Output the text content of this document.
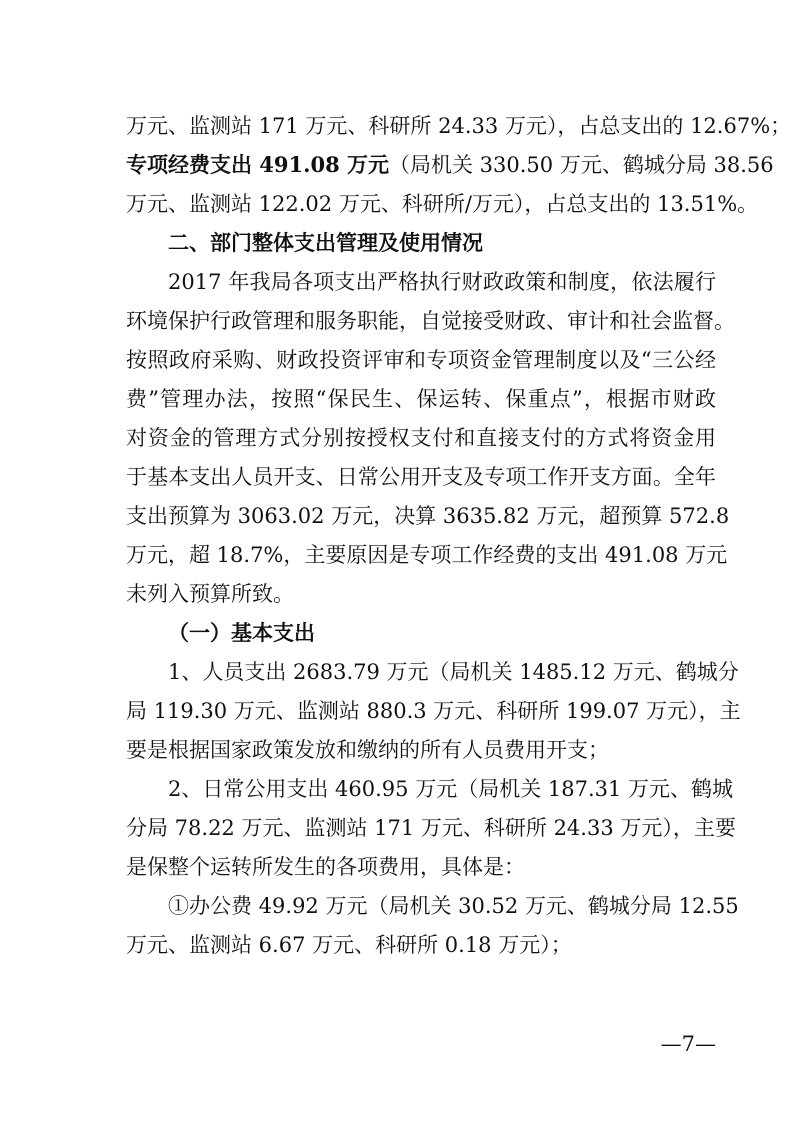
万元、监测站 171 万元、科研所 24.33 万元），占总支出的 12.67%；
专项经费支出 491.08 万元（局机关 330.50 万元、鹤城分局 38.56
万元、监测站 122.02 万元、科研所/万元），占总支出的 13.51%。
二、部门整体支出管理及使用情况
2017 年我局各项支出严格执行财政政策和制度，依法履行
环境保护行政管理和服务职能，自觉接受财政、审计和社会监督。
按照政府采购、财政投资评审和专项资金管理制度以及“三公经
费”管理办法，按照“保民生、保运转、保重点”，根据市财政
对资金的管理方式分别按授权支付和直接支付的方式将资金用
于基本支出人员开支、日常公用开支及专项工作开支方面。全年
支出预算为 3063.02 万元，决算 3635.82 万元，超预算 572.8
万元，超 18.7%，主要原因是专项工作经费的支出 491.08 万元
未列入预算所致。
（一）基本支出
1、人员支出 2683.79 万元（局机关 1485.12 万元、鹤城分
局 119.30 万元、监测站 880.3 万元、科研所 199.07 万元），主
要是根据国家政策发放和缴纳的所有人员费用开支；
2、日常公用支出 460.95 万元（局机关 187.31 万元、鹤城
分局 78.22 万元、监测站 171 万元、科研所 24.33 万元），主要
是保整个运转所发生的各项费用，具体是：
①办公费 49.92 万元（局机关 30.52 万元、鹤城分局 12.55
万元、监测站 6.67 万元、科研所 0.18 万元）；
—7—
